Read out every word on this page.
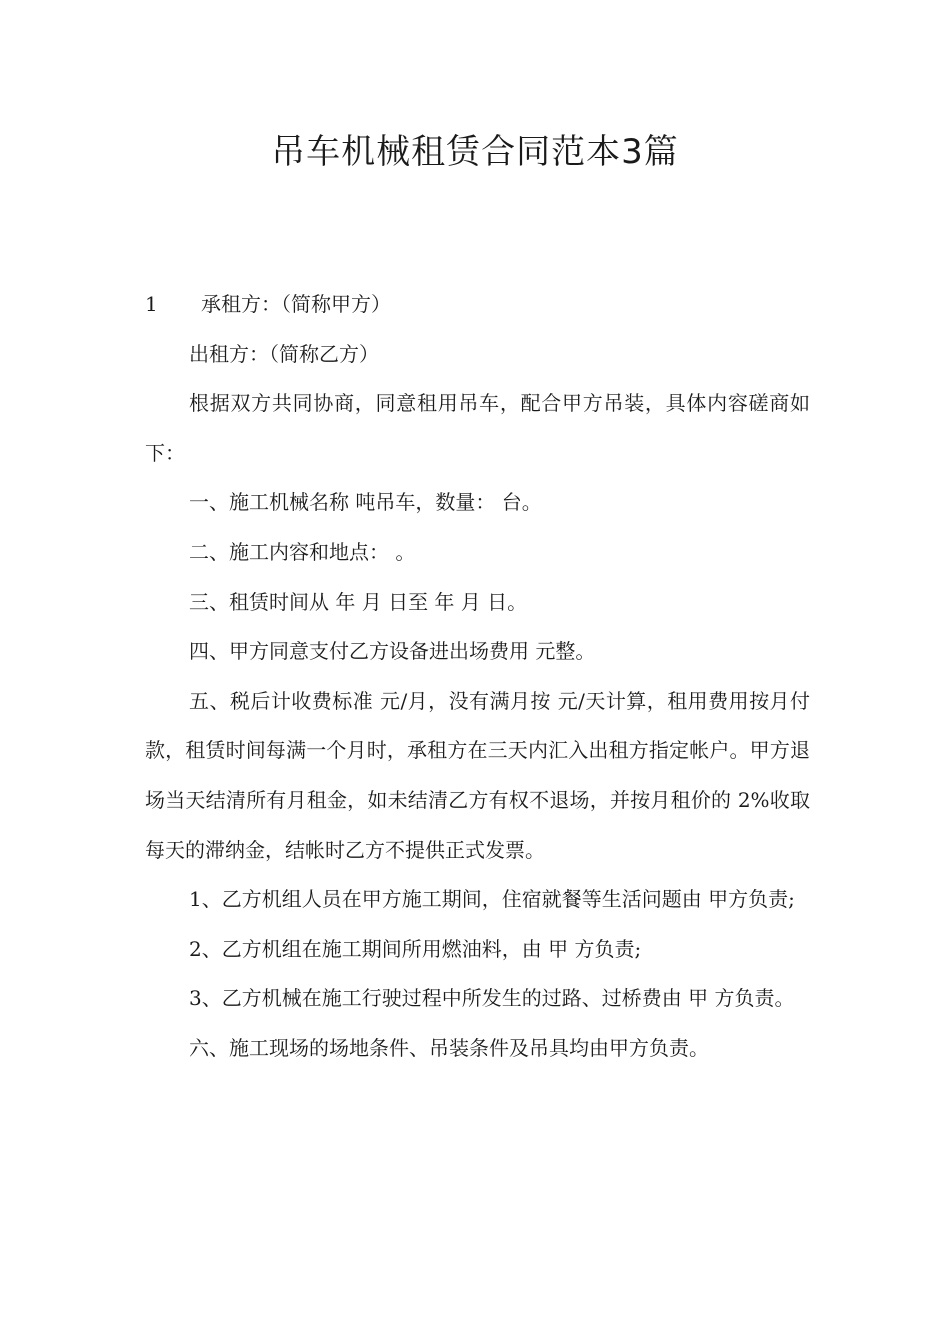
吊车机械租赁合同范本3篇

1 承租方：（简称甲方）

出租方：（简称乙方）

根据双方共同协商，同意租用吊车，配合甲方吊装，具体内容磋商如下：

一、施工机械名称 吨吊车，数量： 台。

二、施工内容和地点： 。

三、租赁时间从 年 月 日至 年 月 日。

四、甲方同意支付乙方设备进出场费用 元整。

五、税后计收费标准 元/月，没有满月按 元/天计算，租用费用按月付款，租赁时间每满一个月时，承租方在三天内汇入出租方指定帐户。甲方退场当天结清所有月租金，如未结清乙方有权不退场，并按月租价的 2%收取每天的滞纳金，结帐时乙方不提供正式发票。

1、乙方机组人员在甲方施工期间，住宿就餐等生活问题由 甲方负责;

2、乙方机组在施工期间所用燃油料，由 甲 方负责;

3、乙方机械在施工行驶过程中所发生的过路、过桥费由 甲 方负责。

六、施工现场的场地条件、吊装条件及吊具均由甲方负责。
